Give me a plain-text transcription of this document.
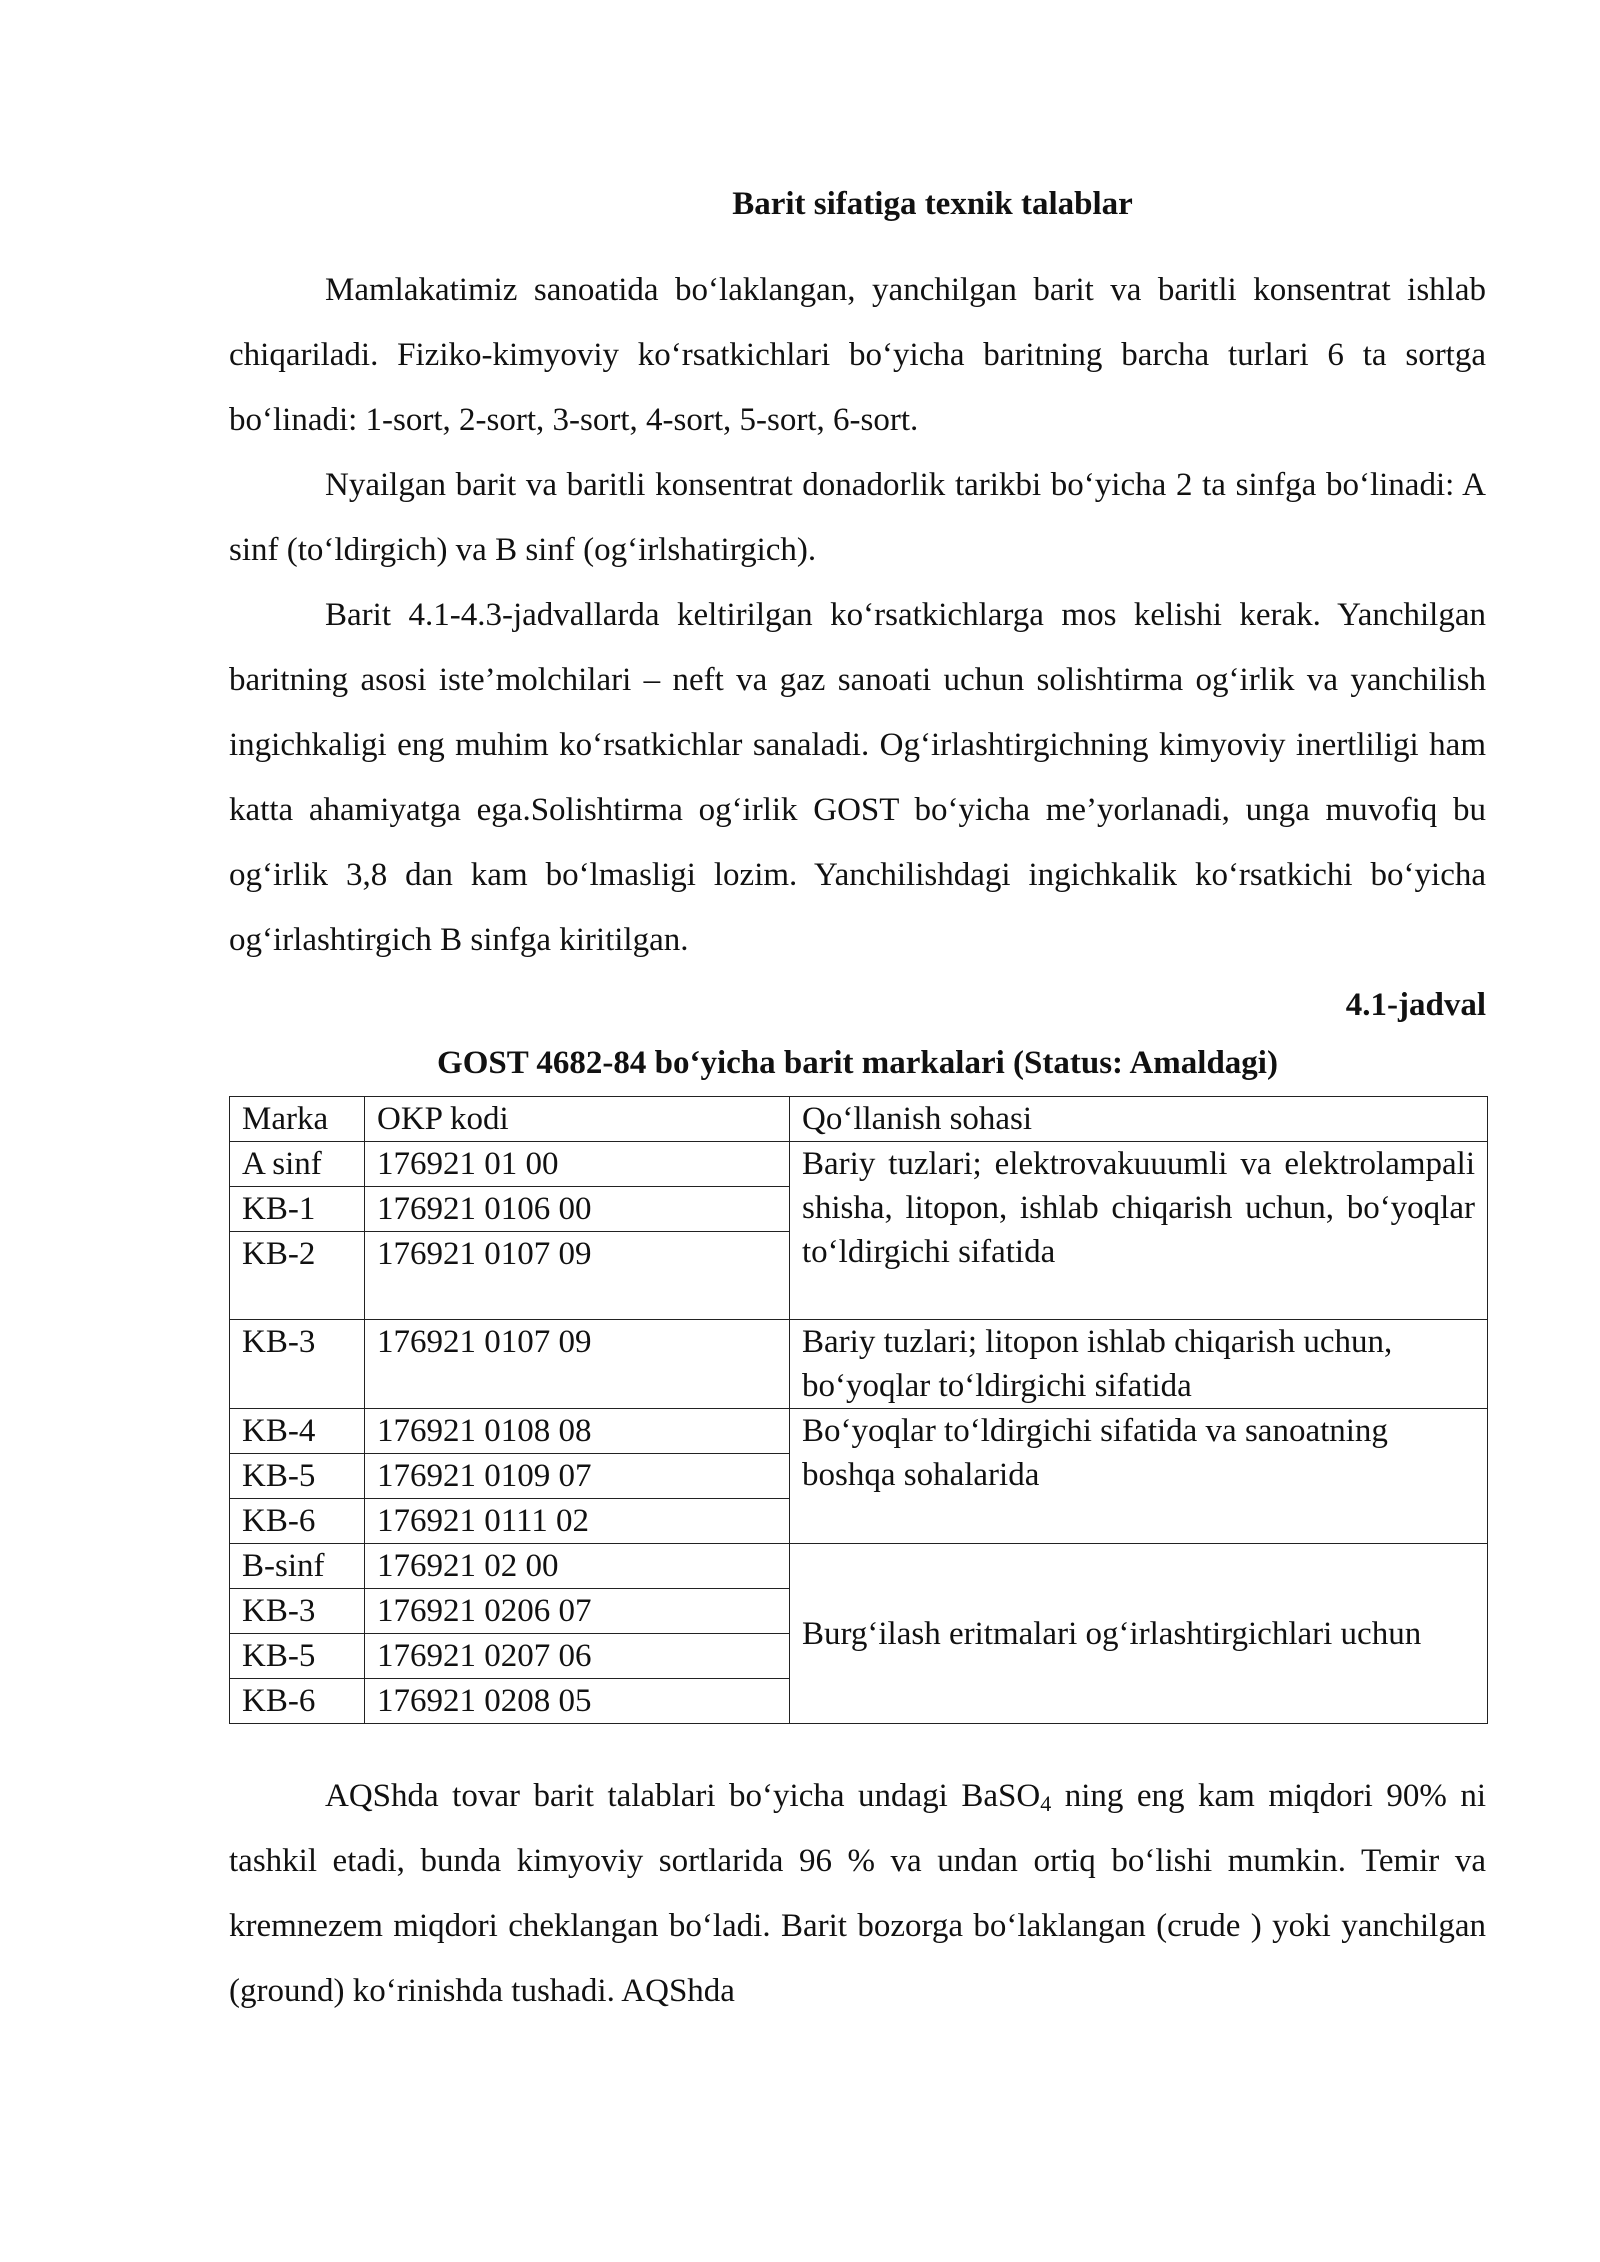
Barit sifatiga texnik talablar

Mamlakatimiz sanoatida bo‘laklangan, yanchilgan barit va baritli konsentrat ishlab chiqariladi. Fiziko-kimyoviy ko‘rsatkichlari bo‘yicha baritning barcha turlari 6 ta sortga bo‘linadi: 1-sort, 2-sort, 3-sort, 4-sort, 5-sort, 6-sort.

Nyailgan barit va baritli konsentrat donadorlik tarikbi bo‘yicha 2 ta sinfga bo‘linadi: A sinf (to‘ldirgich) va B sinf (og‘irlshatirgich).

Barit 4.1-4.3-jadvallarda keltirilgan ko‘rsatkichlarga mos kelishi kerak. Yanchilgan baritning asosi iste’molchilari – neft va gaz sanoati uchun solishtirma og‘irlik va yanchilish ingichkaligi eng muhim ko‘rsatkichlar sanaladi. Og‘irlashtirgichning kimyoviy inertliligi ham katta ahamiyatga ega.Solishtirma og‘irlik GOST bo‘yicha me’yorlanadi, unga muvofiq bu og‘irlik 3,8 dan kam bo‘lmasligi lozim. Yanchilishdagi ingichkalik ko‘rsatkichi bo‘yicha og‘irlashtirgich B sinfga kiritilgan.

4.1-jadval

GOST 4682-84 bo‘yicha barit markalari (Status: Amaldagi)

Marka	OKP kodi	Qo‘llanish sohasi
A sinf	176921 01 00	Bariy tuzlari; elektrovakuuumli va elektrolampali shisha, litopon, ishlab chiqarish uchun, bo‘yoqlar to‘ldirgichi sifatida
KB-1	176921 0106 00	
KB-2	176921 0107 09	
KB-3	176921 0107 09	Bariy tuzlari; litopon ishlab chiqarish uchun, bo‘yoqlar to‘ldirgichi sifatida
KB-4	176921 0108 08	Bo‘yoqlar to‘ldirgichi sifatida va sanoatning boshqa sohalarida
KB-5	176921 0109 07	
KB-6	176921 0111 02	
B-sinf	176921 02 00	Burg‘ilash eritmalari og‘irlashtirgichlari uchun
KB-3	176921 0206 07	
KB-5	176921 0207 06	
KB-6	176921 0208 05	

AQShda tovar barit talablari bo‘yicha undagi BaSO$_4$ ning eng kam miqdori 90% ni tashkil etadi, bunda kimyoviy sortlarida 96 % va undan ortiq bo‘lishi mumkin. Temir va kremnezem miqdori cheklangan bo‘ladi. Barit bozorga bo‘laklangan (crude ) yoki yanchilgan (ground) ko‘rinishda tushadi. AQShda
